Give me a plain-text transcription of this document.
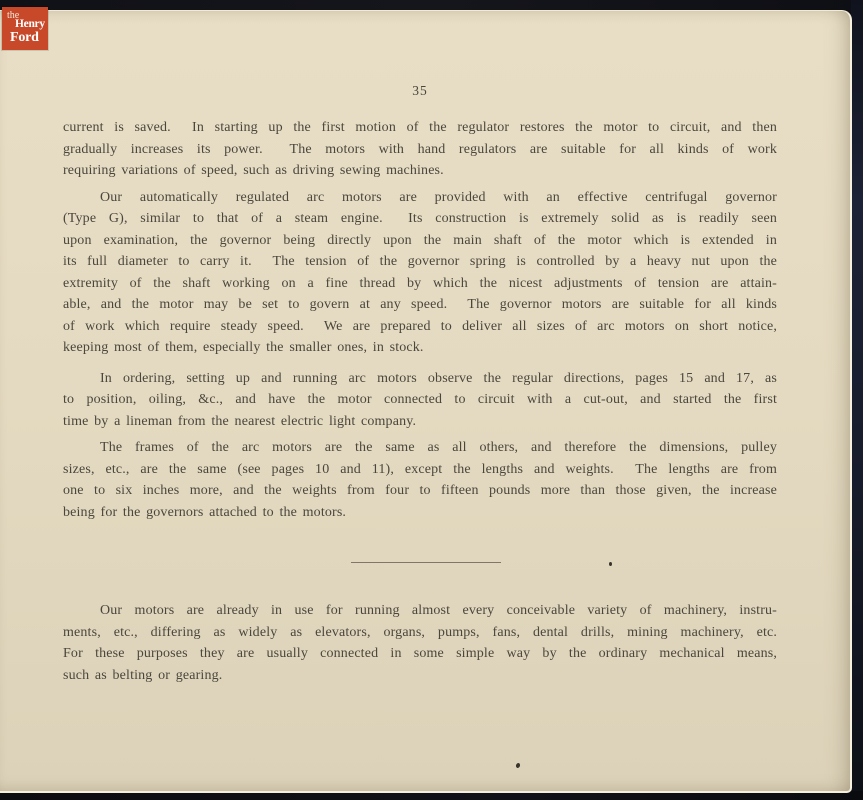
35
current is saved.  In starting up the first motion of the regulator restores the motor to circuit, and then
gradually increases its power.  The motors with hand regulators are suitable for all kinds of work
requiring variations of speed, such as driving sewing machines.
Our automatically regulated arc motors are provided with an effective centrifugal governor
(Type G), similar to that of a steam engine.  Its construction is extremely solid as is readily seen
upon examination, the governor being directly upon the main shaft of the motor which is extended in
its full diameter to carry it.  The tension of the governor spring is controlled by a heavy nut upon the
extremity of the shaft working on a fine thread by which the nicest adjustments of tension are attain-
able, and the motor may be set to govern at any speed.  The governor motors are suitable for all kinds
of work which require steady speed.  We are prepared to deliver all sizes of arc motors on short notice,
keeping most of them, especially the smaller ones, in stock.
In ordering, setting up and running arc motors observe the regular directions, pages 15 and 17, as
to position, oiling, &c., and have the motor connected to circuit with a cut-out, and started the first
time by a lineman from the nearest electric light company.
The frames of the arc motors are the same as all others, and therefore the dimensions, pulley
sizes, etc., are the same (see pages 10 and 11), except the lengths and weights.  The lengths are from
one to six inches more, and the weights from four to fifteen pounds more than those given, the increase
being for the governors attached to the motors.
Our motors are already in use for running almost every conceivable variety of machinery, instru-
ments, etc., differing as widely as elevators, organs, pumps, fans, dental drills, mining machinery, etc.
For these purposes they are usually connected in some simple way by the ordinary mechanical means,
such as belting or gearing.
the
Henry
Ford
